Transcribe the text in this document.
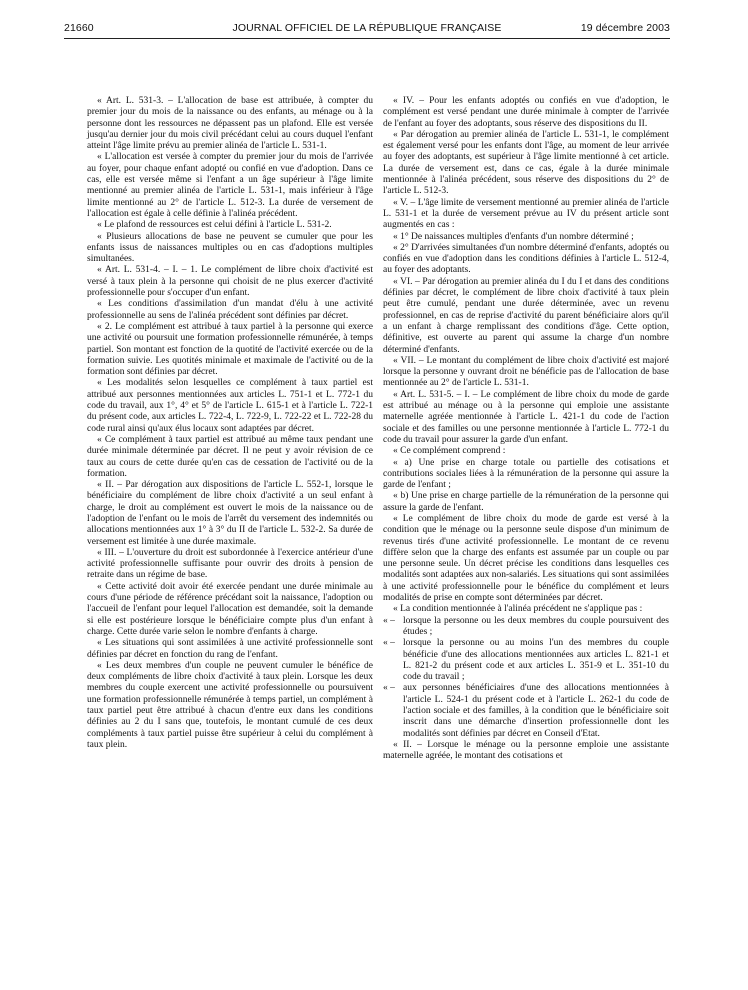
21660	JOURNAL OFFICIEL DE LA RÉPUBLIQUE FRANÇAISE	19 décembre 2003

« Art. L. 531-3. – L'allocation de base est attribuée, à compter du premier jour du mois de la naissance ou des enfants, au ménage ou à la personne dont les ressources ne dépassent pas un plafond. Elle est versée jusqu'au dernier jour du mois civil précédant celui au cours duquel l'enfant atteint l'âge limite prévu au premier alinéa de l'article L. 531-1.

« L'allocation est versée à compter du premier jour du mois de l'arrivée au foyer, pour chaque enfant adopté ou confié en vue d'adoption. Dans ce cas, elle est versée même si l'enfant a un âge supérieur à l'âge limite mentionné au premier alinéa de l'article L. 531-1, mais inférieur à l'âge limite mentionné au 2° de l'article L. 512-3. La durée de versement de l'allocation est égale à celle définie à l'alinéa précédent.

« Le plafond de ressources est celui défini à l'article L. 531-2.

« Plusieurs allocations de base ne peuvent se cumuler que pour les enfants issus de naissances multiples ou en cas d'adoptions multiples simultanées.

« Art. L. 531-4. – I. – 1. Le complément de libre choix d'activité est versé à taux plein à la personne qui choisit de ne plus exercer d'activité professionnelle pour s'occuper d'un enfant.

« Les conditions d'assimilation d'un mandat d'élu à une activité professionnelle au sens de l'alinéa précédent sont définies par décret.

« 2. Le complément est attribué à taux partiel à la personne qui exerce une activité ou poursuit une formation professionnelle rémunérée, à temps partiel. Son montant est fonction de la quotité de l'activité exercée ou de la formation suivie. Les quotités minimale et maximale de l'activité ou de la formation sont définies par décret.

« Les modalités selon lesquelles ce complément à taux partiel est attribué aux personnes mentionnées aux articles L. 751-1 et L. 772-1 du code du travail, aux 1°, 4° et 5° de l'article L. 615-1 et à l'article L. 722-1 du présent code, aux articles L. 722-4, L. 722-9, L. 722-22 et L. 722-28 du code rural ainsi qu'aux élus locaux sont adaptées par décret.

« Ce complément à taux partiel est attribué au même taux pendant une durée minimale déterminée par décret. Il ne peut y avoir révision de ce taux au cours de cette durée qu'en cas de cessation de l'activité ou de la formation.

« II. – Par dérogation aux dispositions de l'article L. 552-1, lorsque le bénéficiaire du complément de libre choix d'activité a un seul enfant à charge, le droit au complément est ouvert le mois de la naissance ou de l'adoption de l'enfant ou le mois de l'arrêt du versement des indemnités ou allocations mentionnées aux 1° à 3° du II de l'article L. 532-2. Sa durée de versement est limitée à une durée maximale.

« III. – L'ouverture du droit est subordonnée à l'exercice antérieur d'une activité professionnelle suffisante pour ouvrir des droits à pension de retraite dans un régime de base.

« Cette activité doit avoir été exercée pendant une durée minimale au cours d'une période de référence précédant soit la naissance, l'adoption ou l'accueil de l'enfant pour lequel l'allocation est demandée, soit la demande si elle est postérieure lorsque le bénéficiaire compte plus d'un enfant à charge. Cette durée varie selon le nombre d'enfants à charge.

« Les situations qui sont assimilées à une activité professionnelle sont définies par décret en fonction du rang de l'enfant.

« Les deux membres d'un couple ne peuvent cumuler le bénéfice de deux compléments de libre choix d'activité à taux plein. Lorsque les deux membres du couple exercent une activité professionnelle ou poursuivent une formation professionnelle rémunérée à temps partiel, un complément à taux partiel peut être attribué à chacun d'entre eux dans les conditions définies au 2 du I sans que, toutefois, le montant cumulé de ces deux compléments à taux partiel puisse être supérieur à celui du complément à taux plein.

« IV. – Pour les enfants adoptés ou confiés en vue d'adoption, le complément est versé pendant une durée minimale à compter de l'arrivée de l'enfant au foyer des adoptants, sous réserve des dispositions du II.

« Par dérogation au premier alinéa de l'article L. 531-1, le complément est également versé pour les enfants dont l'âge, au moment de leur arrivée au foyer des adoptants, est supérieur à l'âge limite mentionné à cet article. La durée de versement est, dans ce cas, égale à la durée minimale mentionnée à l'alinéa précédent, sous réserve des dispositions du 2° de l'article L. 512-3.

« V. – L'âge limite de versement mentionné au premier alinéa de l'article L. 531-1 et la durée de versement prévue au IV du présent article sont augmentés en cas :

« 1° De naissances multiples d'enfants d'un nombre déterminé ;

« 2° D'arrivées simultanées d'un nombre déterminé d'enfants, adoptés ou confiés en vue d'adoption dans les conditions définies à l'article L. 512-4, au foyer des adoptants.

« VI. – Par dérogation au premier alinéa du I du I et dans des conditions définies par décret, le complément de libre choix d'activité à taux plein peut être cumulé, pendant une durée déterminée, avec un revenu professionnel, en cas de reprise d'activité du parent bénéficiaire alors qu'il a un enfant à charge remplissant des conditions d'âge. Cette option, définitive, est ouverte au parent qui assume la charge d'un nombre déterminé d'enfants.

« VII. – Le montant du complément de libre choix d'activité est majoré lorsque la personne y ouvrant droit ne bénéficie pas de l'allocation de base mentionnée au 2° de l'article L. 531-1.

« Art. L. 531-5. – I. – Le complément de libre choix du mode de garde est attribué au ménage ou à la personne qui emploie une assistante maternelle agréée mentionnée à l'article L. 421-1 du code de l'action sociale et des familles ou une personne mentionnée à l'article L. 772-1 du code du travail pour assurer la garde d'un enfant.

« Ce complément comprend :

« a) Une prise en charge totale ou partielle des cotisations et contributions sociales liées à la rémunération de la personne qui assure la garde de l'enfant ;

« b) Une prise en charge partielle de la rémunération de la personne qui assure la garde de l'enfant.

« Le complément de libre choix du mode de garde est versé à la condition que le ménage ou la personne seule dispose d'un minimum de revenus tirés d'une activité professionnelle. Le montant de ce revenu diffère selon que la charge des enfants est assumée par un couple ou par une personne seule. Un décret précise les conditions dans lesquelles ces modalités sont adaptées aux non-salariés. Les situations qui sont assimilées à une activité professionnelle pour le bénéfice du complément et leurs modalités de prise en compte sont déterminées par décret.

« La condition mentionnée à l'alinéa précédent ne s'applique pas :

« – lorsque la personne ou les deux membres du couple poursuivent des études ;

« – lorsque la personne ou au moins l'un des membres du couple bénéficie d'une des allocations mentionnées aux articles L. 821-1 et L. 821-2 du présent code et aux articles L. 351-9 et L. 351-10 du code du travail ;

« – aux personnes bénéficiaires d'une des allocations mentionnées à l'article L. 524-1 du présent code et à l'article L. 262-1 du code de l'action sociale et des familles, à la condition que le bénéficiaire soit inscrit dans une démarche d'insertion professionnelle dont les modalités sont définies par décret en Conseil d'Etat.

« II. – Lorsque le ménage ou la personne emploie une assistante maternelle agréée, le montant des cotisations et
